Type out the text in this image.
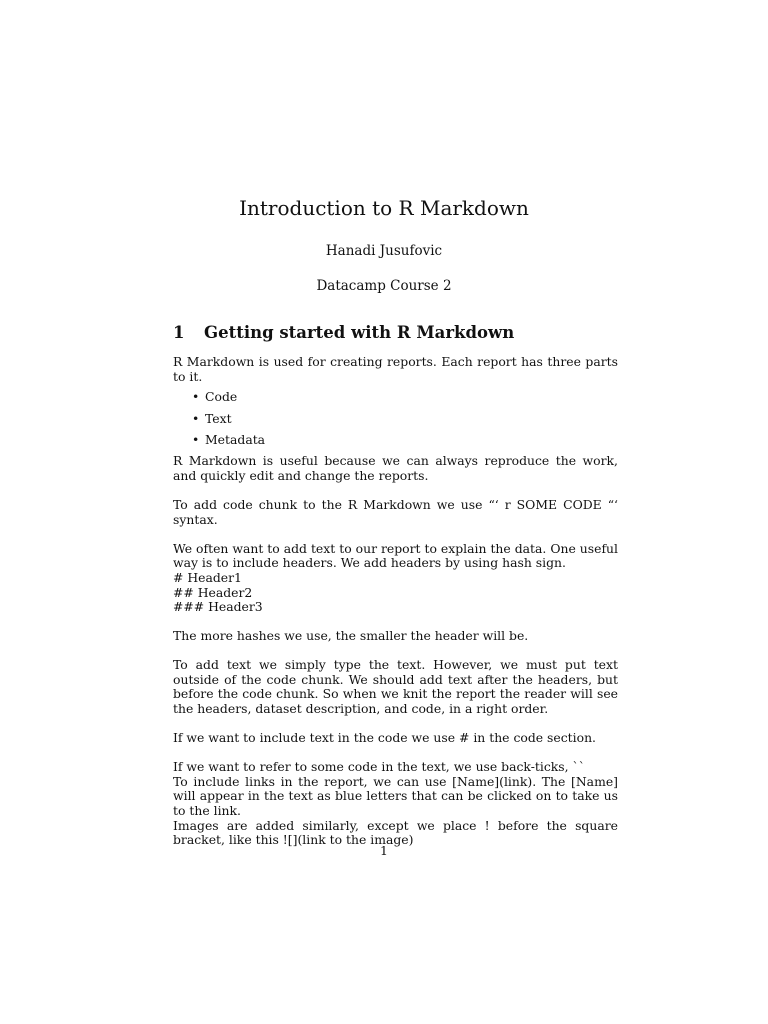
Introduction to R Markdown
Hanadi Jusufovic
Datacamp Course 2
1 Getting started with R Markdown

R Markdown is used for creating reports. Each report has three parts to it.

• Code
• Text
• Metadata

R Markdown is useful because we can always reproduce the work, and quickly edit and change the reports.

To add code chunk to the R Markdown we use “‘ r SOME CODE “‘ syntax.

We often want to add text to our report to explain the data. One useful way is to include headers. We add headers by using hash sign.

# Header1
## Header2
### Header3

The more hashes we use, the smaller the header will be.

To add text we simply type the text. However, we must put text outside of the code chunk. We should add text after the headers, but before the code chunk. So when we knit the report the reader will see the headers, dataset description, and code, in a right order.

If we want to include text in the code we use # in the code section.

If we want to refer to some code in the text, we use back-ticks, ``

To include links in the report, we can use [Name](link). The [Name] will appear in the text as blue letters that can be clicked on to take us to the link.

Images are added similarly, except we place ! before the square bracket, like this ![](link to the image)

1
